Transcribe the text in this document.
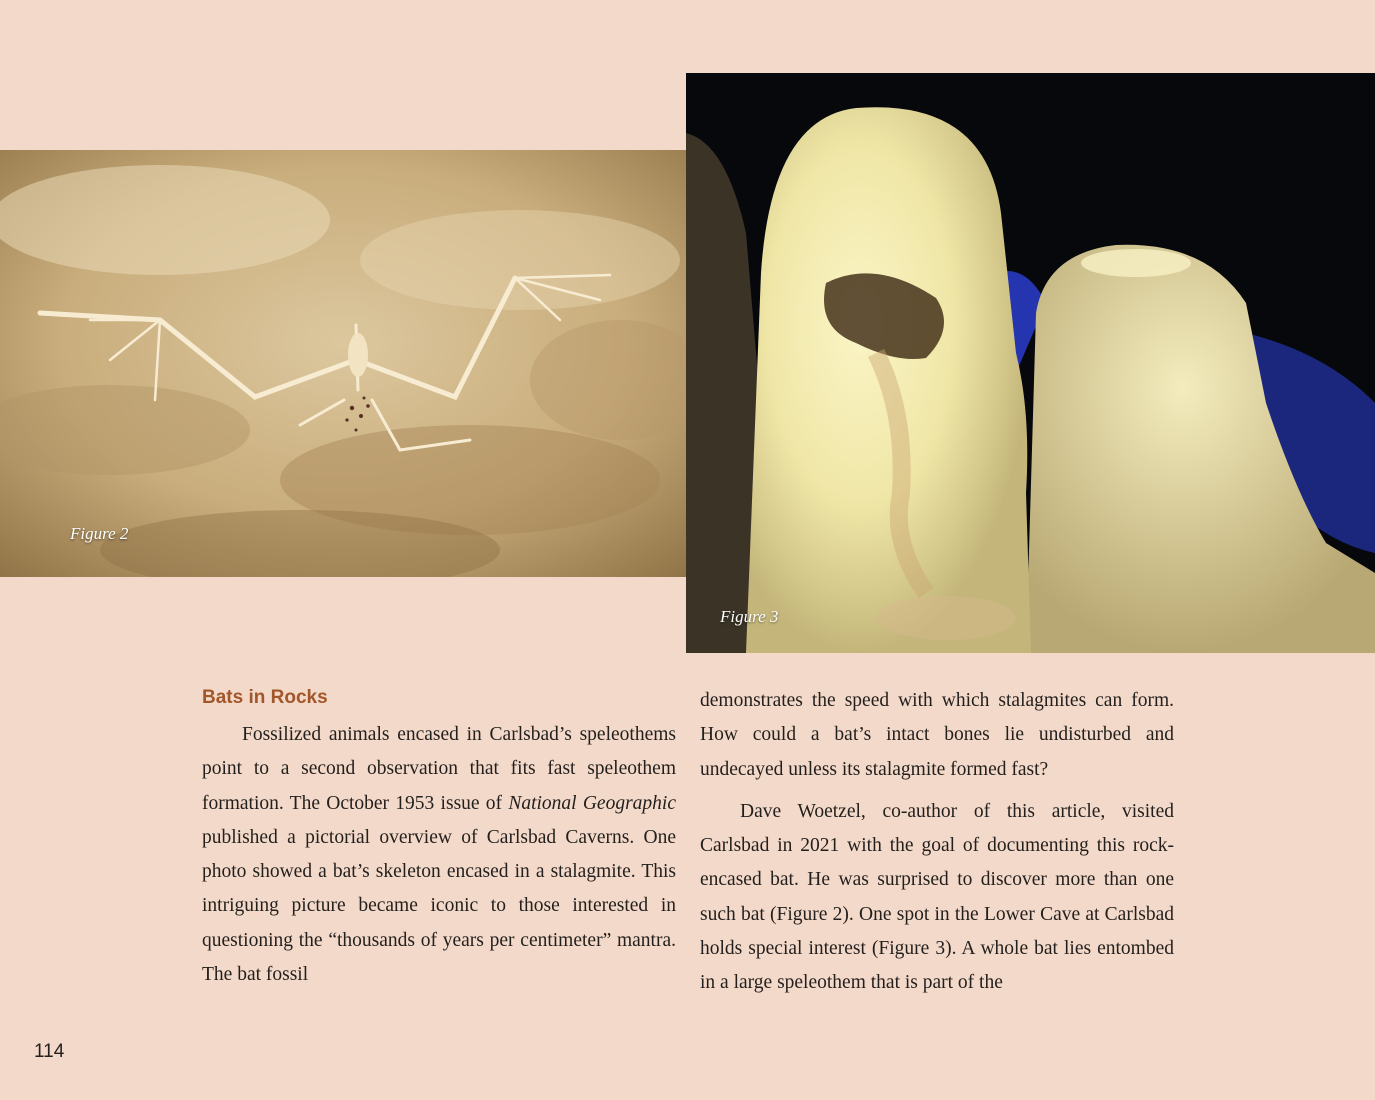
Figure 2
Figure 3
Bats in Rocks

Fossilized animals encased in Carlsbad’s speleothems point to a second observation that fits fast speleothem formation. The October 1953 issue of National Geographic published a pictorial overview of Carlsbad Caverns. One photo showed a bat’s skeleton encased in a stalagmite. This intriguing picture became iconic to those interested in questioning the “thousands of years per centimeter” mantra. The bat fossil

demonstrates the speed with which stalagmites can form. How could a bat’s intact bones lie undisturbed and undecayed unless its stalagmite formed fast?

Dave Woetzel, co-author of this article, visited Carlsbad in 2021 with the goal of documenting this rock-encased bat. He was surprised to discover more than one such bat (Figure 2). One spot in the Lower Cave at Carlsbad holds special interest (Figure 3). A whole bat lies entombed in a large speleothem that is part of the

114
